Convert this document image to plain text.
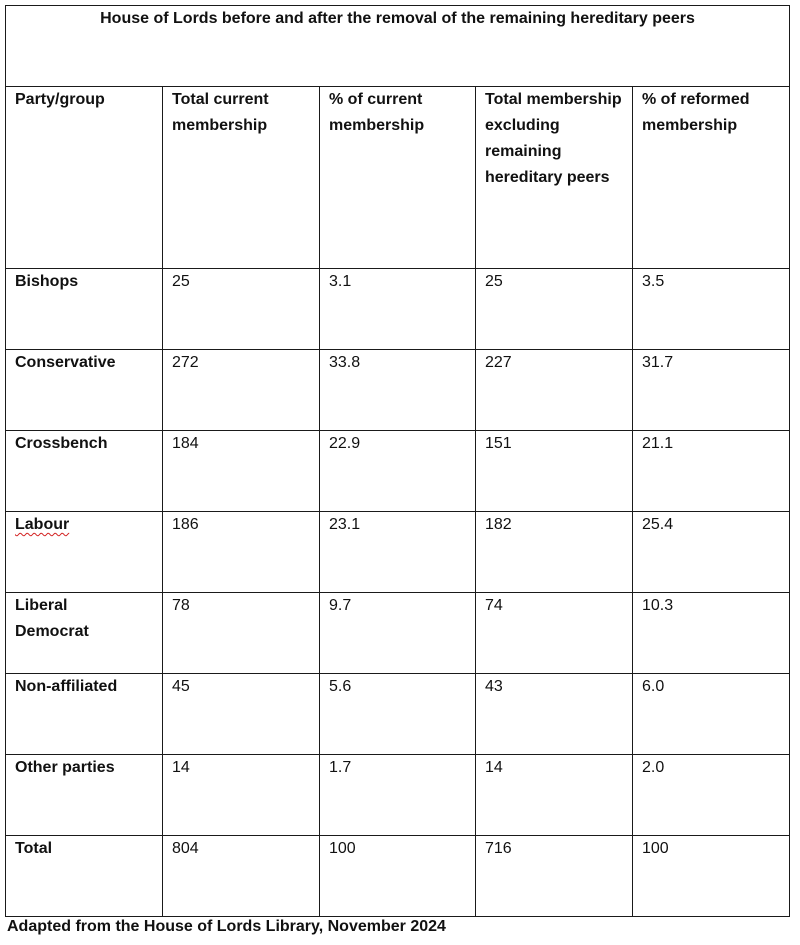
House of Lords before and after the removal of the remaining hereditary peers				
Party/group	Total current membership	% of current membership	Total membership excluding remaining hereditary peers	% of reformed membership
Bishops	25	3.1	25	3.5
Conservative	272	33.8	227	31.7
Crossbench	184	22.9	151	21.1
Labour	186	23.1	182	25.4
Liberal Democrat	78	9.7	74	10.3
Non-affiliated	45	5.6	43	6.0
Other parties	14	1.7	14	2.0
Total	804	100	716	100
Adapted from the House of Lords Library, November 2024
